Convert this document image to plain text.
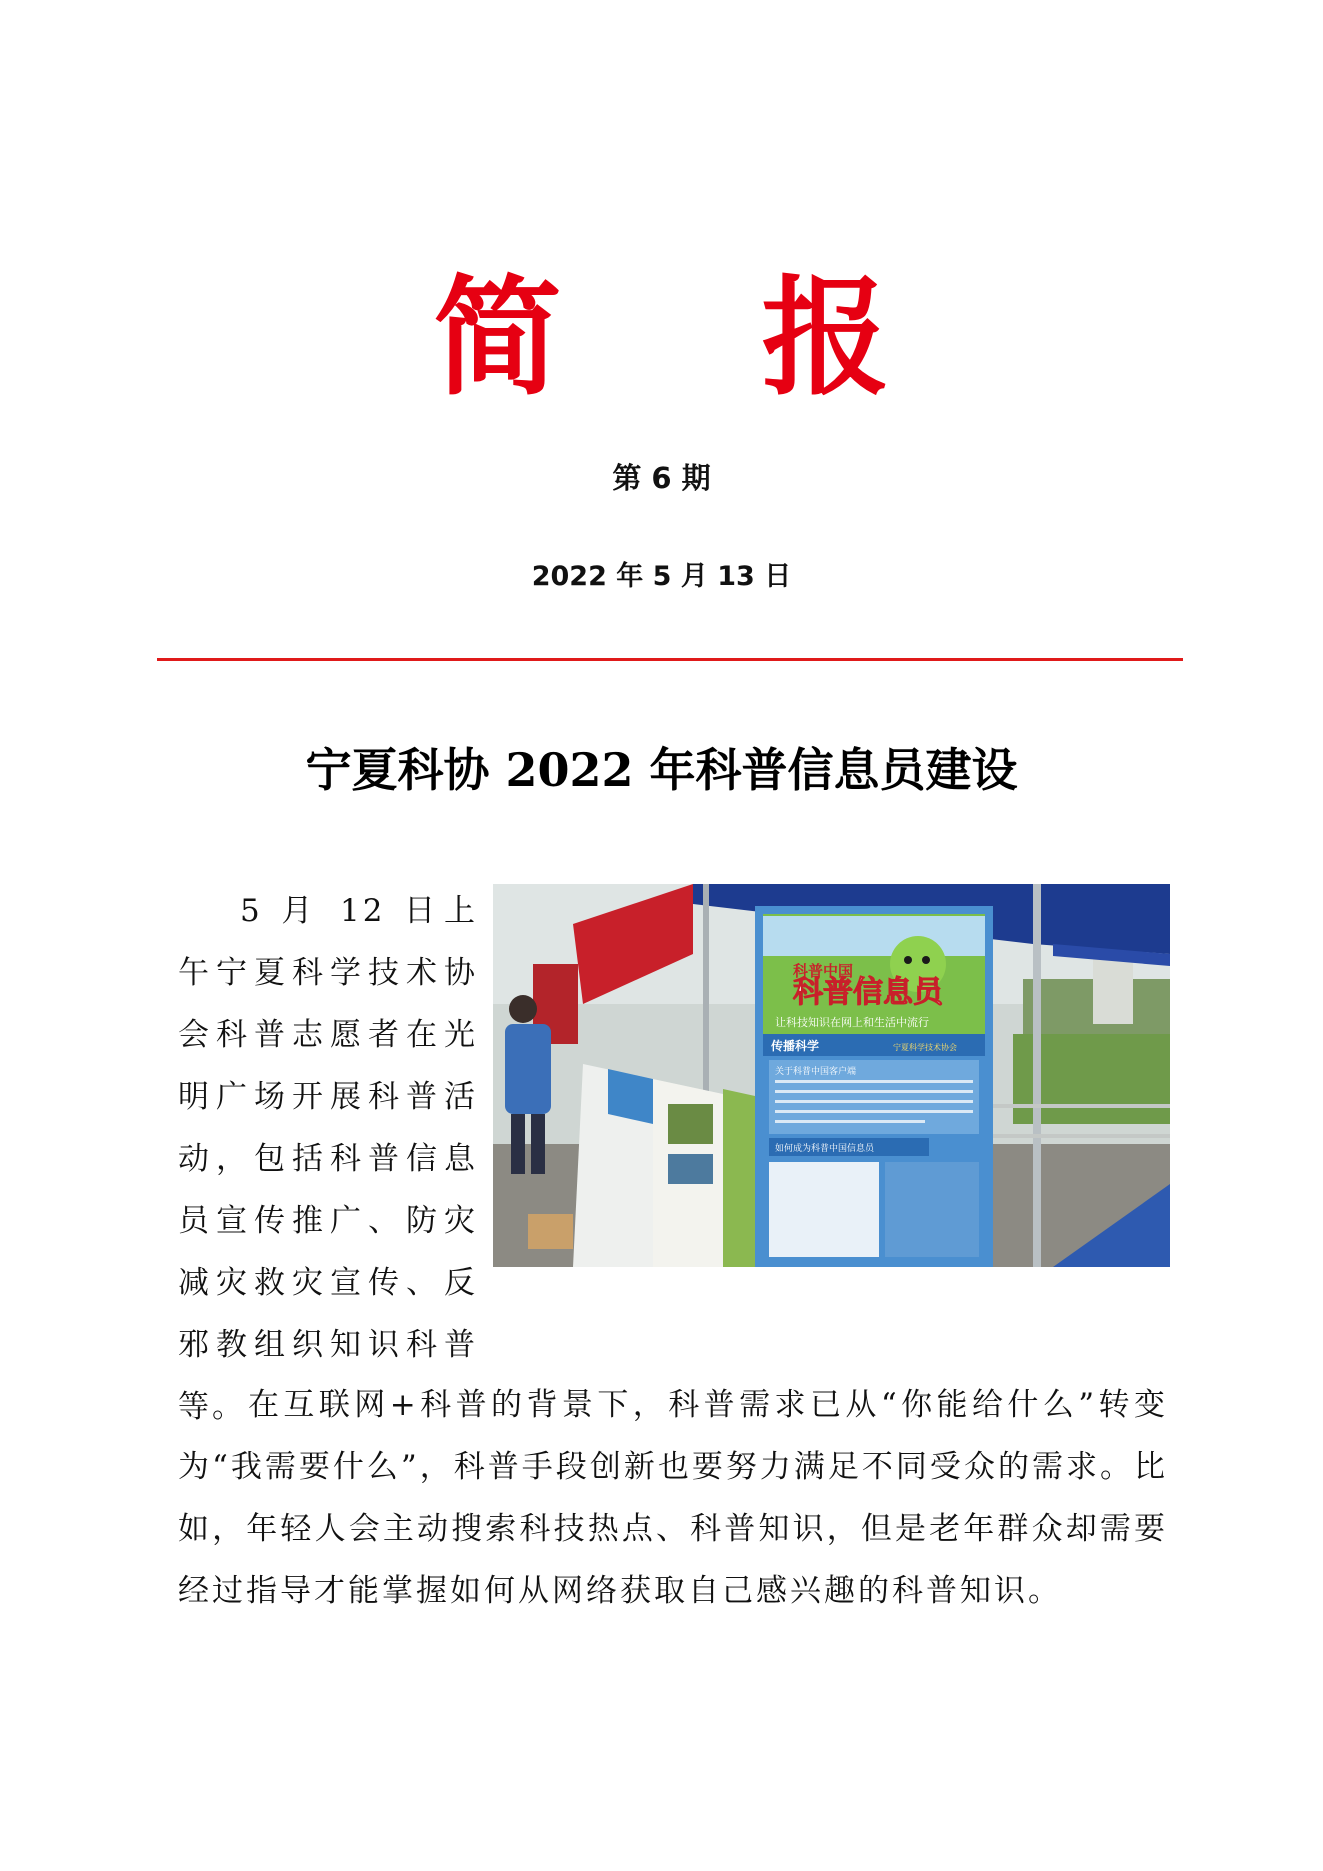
简 报
第 6 期
2022 年 5 月 13 日
宁夏科协 2022 年科普信息员建设

5 月 12 日上午宁夏科学技术协会科普志愿者在光明广场开展科普活动，包括科普信息员宣传推广、防灾减灾救灾宣传、反邪教组织知识科普等。

科普信息员
科普中国
让科技知识在网上和生活中流行
传播科学	宁夏科学技术协会
关于科普中国客户端
如何成为科普中国信息员

在互联网+科普的背景下，科普需求已从“你能给什么”转变为“我需要什么”，科普手段创新也要努力满足不同受众的需求。比如，年轻人会主动搜索科技热点、科普知识，但是老年群众却需要经过指导才能掌握如何从网络获取自己感兴趣的科普知识。
